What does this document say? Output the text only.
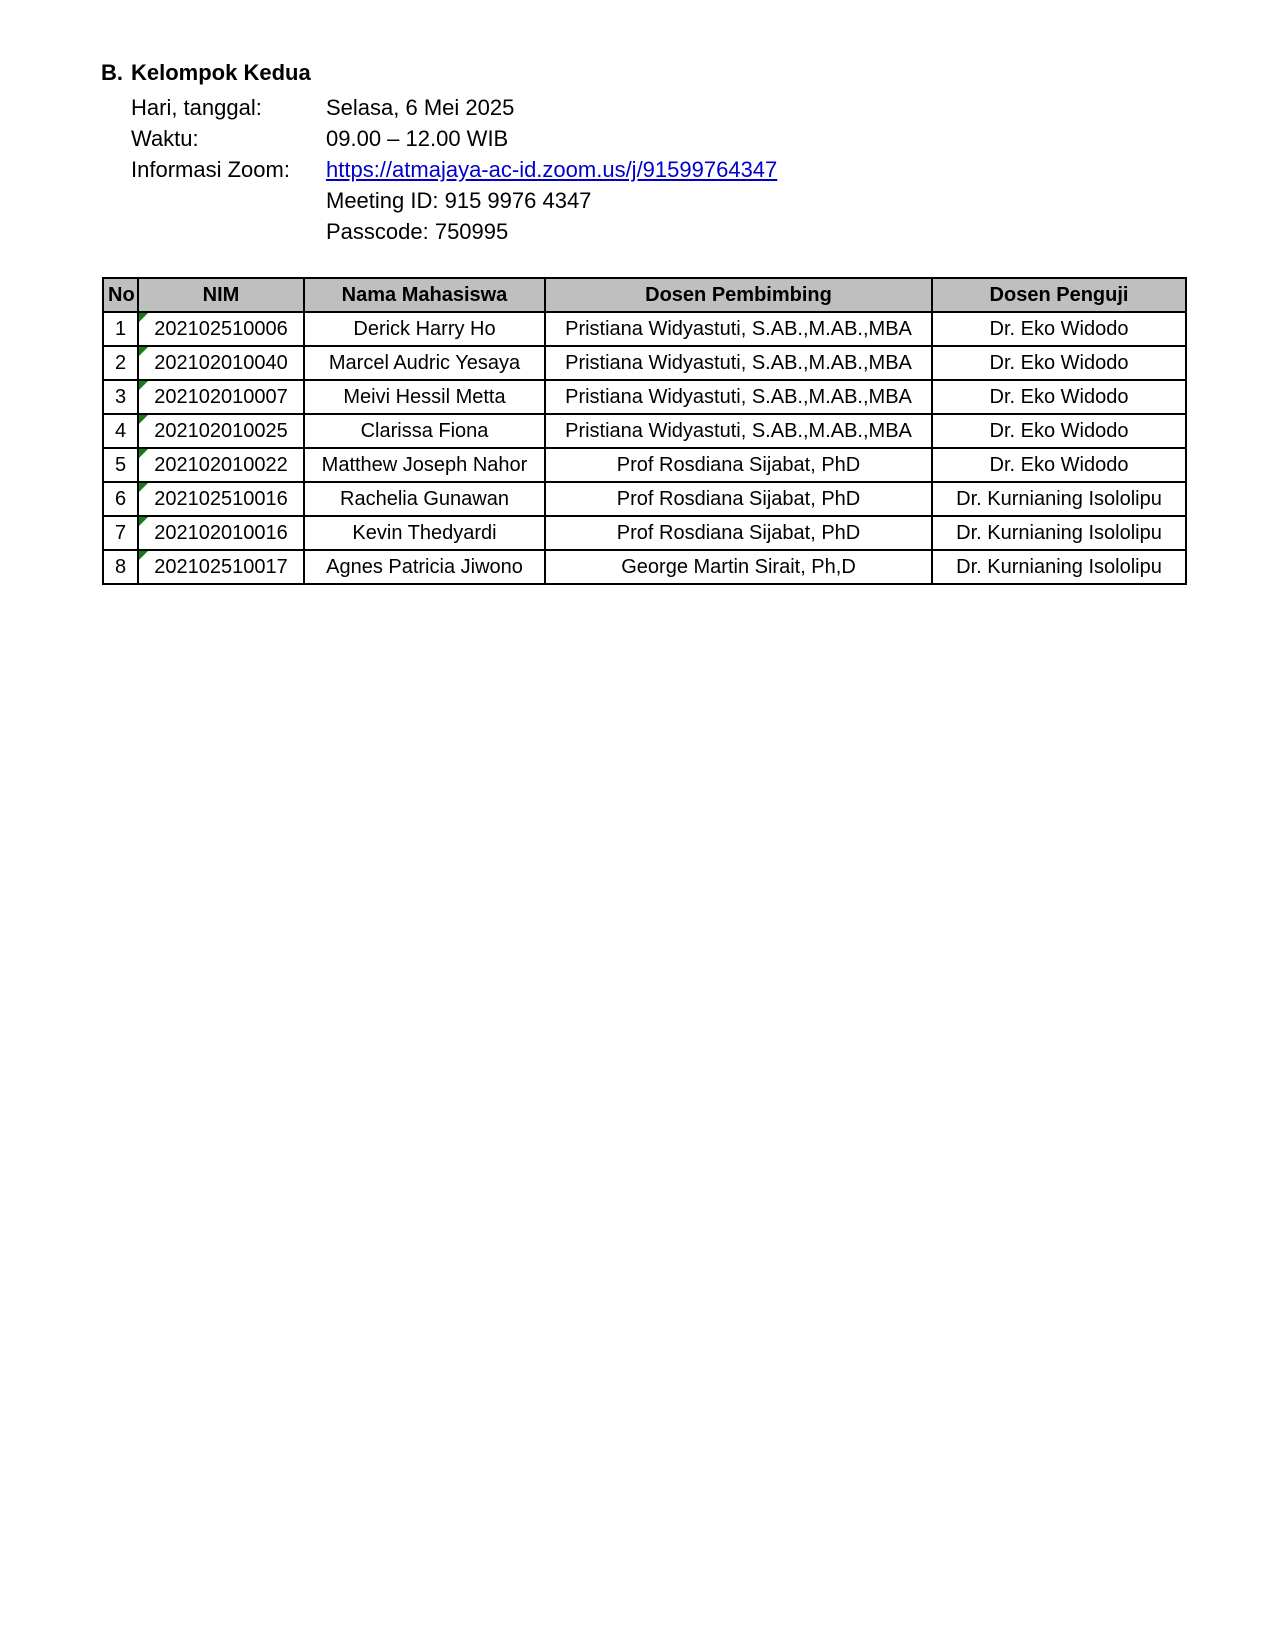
B. Kelompok Kedua
Hari, tanggal:	Selasa, 6 Mei 2025
Waktu:	09.00 – 12.00 WIB
Informasi Zoom: https://atmajaya-ac-id.zoom.us/j/91599764347
Meeting ID: 915 9976 4347
Passcode: 750995
No	NIM	Nama Mahasiswa	Dosen Pembimbing	Dosen Penguji
1	202102510006	Derick Harry Ho	Pristiana Widyastuti, S.AB.,M.AB.,MBA	Dr. Eko Widodo
2	202102010040	Marcel Audric Yesaya	Pristiana Widyastuti, S.AB.,M.AB.,MBA	Dr. Eko Widodo
3	202102010007	Meivi Hessil Metta	Pristiana Widyastuti, S.AB.,M.AB.,MBA	Dr. Eko Widodo
4	202102010025	Clarissa Fiona	Pristiana Widyastuti, S.AB.,M.AB.,MBA	Dr. Eko Widodo
5	202102010022	Matthew Joseph Nahor	Prof Rosdiana Sijabat, PhD	Dr. Eko Widodo
6	202102510016	Rachelia Gunawan	Prof Rosdiana Sijabat, PhD	Dr. Kurnianing Isololipu
7	202102010016	Kevin Thedyardi	Prof Rosdiana Sijabat, PhD	Dr. Kurnianing Isololipu
8	202102510017	Agnes Patricia Jiwono	George Martin Sirait, Ph,D	Dr. Kurnianing Isololipu
